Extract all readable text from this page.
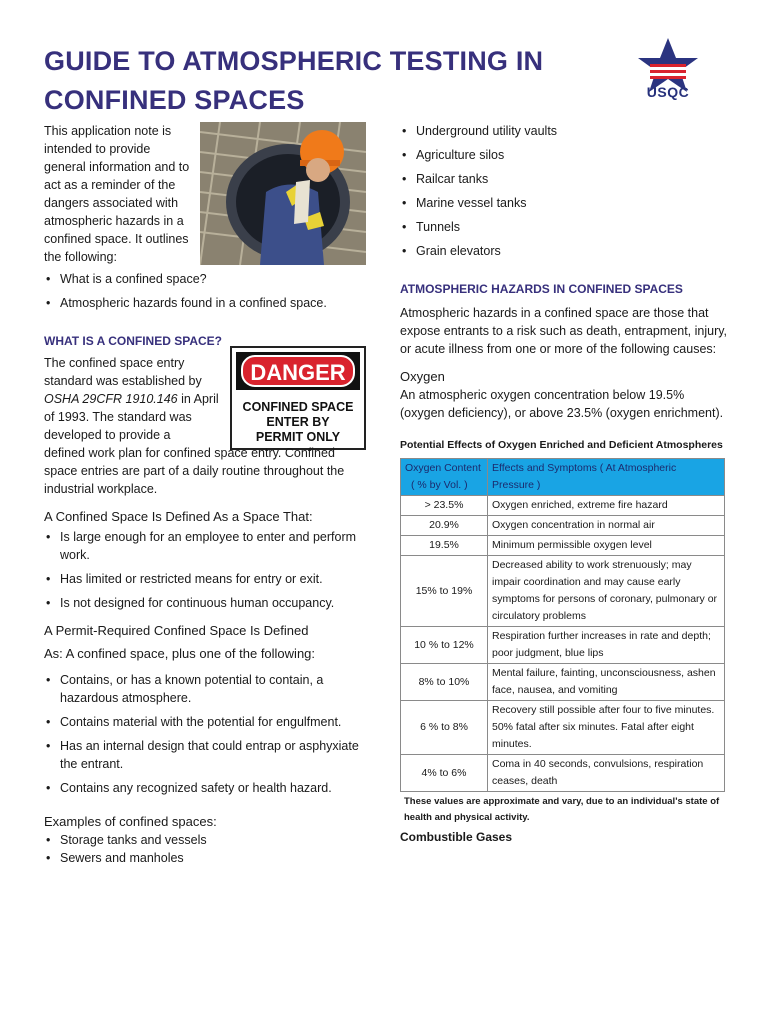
GUIDE TO ATMOSPHERIC TESTING IN CONFINED SPACES	USQC
DANGER
CONFINED SPACE
ENTER BY
PERMIT ONLY

This application note is intended to provide general information and to act as a reminder of the dangers associated with atmospheric hazards in a confined space. It outlines the following:

• What is a confined space?
• Atmospheric hazards found in a confined space.
WHAT IS A CONFINED SPACE?

The confined space entry standard was established by OSHA 29CFR 1910.146 in April of 1993. The standard was developed to provide a

defined work plan for confined space entry. Confined space entries are part of a daily routine throughout the industrial workplace.

A Confined Space Is Defined As a Space That:
• Is large enough for an employee to enter and perform work.
• Has limited or restricted means for entry or exit.
• Is not designed for continuous human occupancy.
A Permit-Required Confined Space Is Defined
As: A confined space, plus one of the following:
• Contains, or has a known potential to contain, a hazardous atmosphere.
• Contains material with the potential for engulfment.
• Has an internal design that could entrap or asphyxiate the entrant.
• Contains any recognized safety or health hazard.
Examples of confined spaces:
• Storage tanks and vessels
• Sewers and manholes
• Underground utility vaults
• Agriculture silos
• Railcar tanks
• Marine vessel tanks
• Tunnels
• Grain elevators
ATMOSPHERIC HAZARDS IN CONFINED SPACES

Atmospheric hazards in a confined space are those that expose entrants to a risk such as death, entrapment, injury, or acute illness from one or more of the following causes:

Oxygen

An atmospheric oxygen concentration below 19.5% (oxygen deficiency), or above 23.5% (oxygen enrichment).

Potential Effects of Oxygen Enriched and Deficient Atmospheres
Oxygen Content
( % by Vol. )	Effects and Symptoms ( At Atmospheric Pressure )
> 23.5%	Oxygen enriched, extreme fire hazard
20.9%	Oxygen concentration in normal air
19.5%	Minimum permissible oxygen level
15% to 19%	Decreased ability to work strenuously; may impair coordination and may cause early symptoms for persons of coronary, pulmonary or circulatory problems
10 % to 12%	Respiration further increases in rate and depth; poor judgment, blue lips
8% to 10%	Mental failure, fainting, unconsciousness, ashen face, nausea, and vomiting
6 % to 8%	Recovery still possible after four to five minutes. 50% fatal after six minutes. Fatal after eight minutes.
4% to 6%	Coma in 40 seconds, convulsions, respiration ceases, death

These values are approximate and vary, due to an individual's state of health and physical activity.

Combustible Gases
